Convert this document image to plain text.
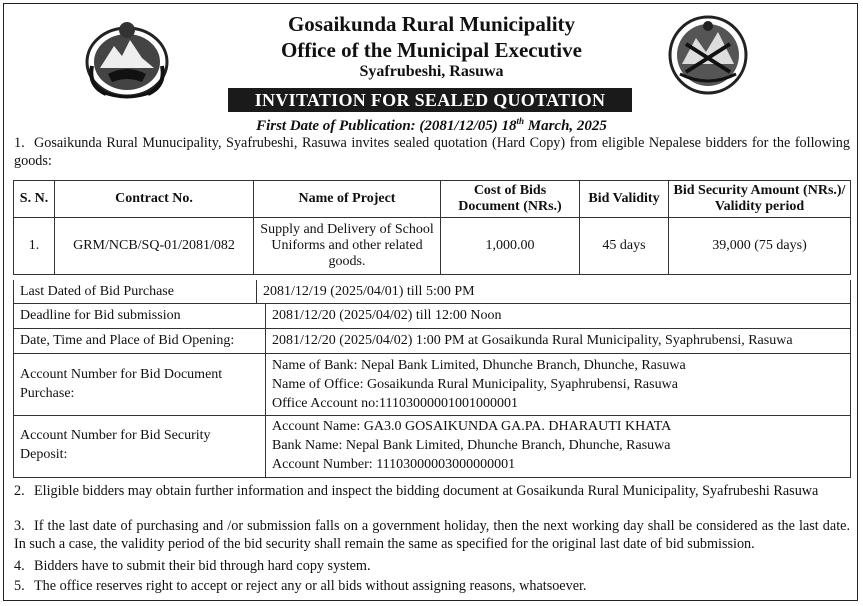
Gosaikunda Rural Municipality
Office of the Municipal Executive
Syafrubeshi, Rasuwa
INVITATION FOR SEALED QUOTATION
First Date of Publication: (2081/12/05) 18th March, 2025
1. Gosaikunda Rural Munucipality, Syafrubeshi, Rasuwa invites sealed quotation (Hard Copy) from eligible Nepalese bidders for the following goods:
S. N.	Contract No.	Name of Project	Cost of Bids Document (NRs.)	Bid Validity	Bid Security Amount (NRs.)/ Validity period
1.	GRM/NCB/SQ-01/2081/082	Supply and Delivery of School Uniforms and other related goods.	1,000.00	45 days	39,000 (75 days)
Last Dated of Bid Purchase	2081/12/19 (2025/04/01) till 5:00 PM
Deadline for Bid submission	2081/12/20 (2025/04/02) till 12:00 Noon
Date, Time and Place of Bid Opening:	2081/12/20 (2025/04/02) 1:00 PM at Gosaikunda Rural Municipality, Syaphrubensi, Rasuwa
Account Number for Bid Document Purchase:
Name of Bank: Nepal Bank Limited, Dhunche Branch, Dhunche, Rasuwa
Name of Office: Gosaikunda Rural Municipality, Syaphrubensi, Rasuwa
Office Account no:11103000001001000001
Account Number for Bid Security Deposit:
Account Name: GA3.0 GOSAIKUNDA GA.PA. DHARAUTI KHATA
Bank Name: Nepal Bank Limited, Dhunche Branch, Dhunche, Rasuwa
Account Number: 11103000003000000001
2. Eligible bidders may obtain further information and inspect the bidding document at Gosaikunda Rural Municipality, Syafrubeshi Rasuwa
3. If the last date of purchasing and /or submission falls on a government holiday, then the next working day shall be considered as the last date. In such a case, the validity period of the bid security shall remain the same as specified for the original last date of bid submission.
4. Bidders have to submit their bid through hard copy system.
5. The office reserves right to accept or reject any or all bids without assigning reasons, whatsoever.
